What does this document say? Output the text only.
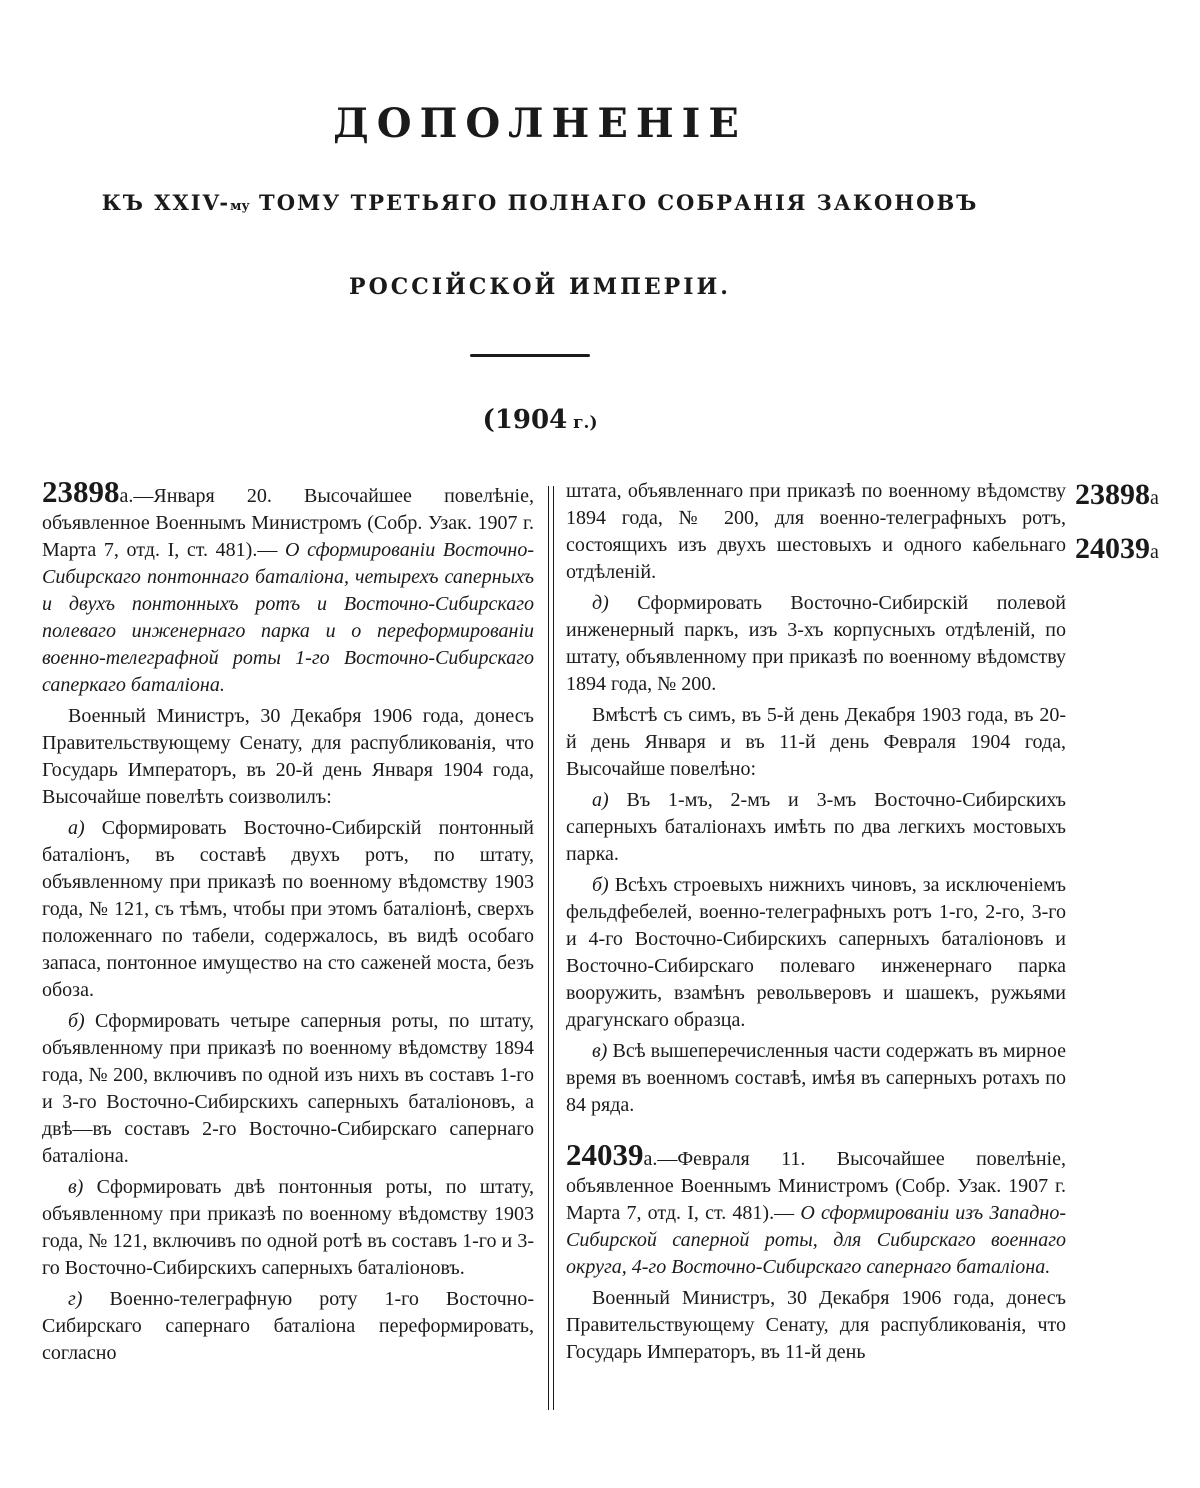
ДОПОЛНЕНІЕ
КЪ XXIV-му ТОМУ ТРЕТЬЯГО ПОЛНАГО СОБРАНІЯ ЗАКОНОВЪ
РОССІЙСКОЙ ИМПЕРІИ.
(1904 г.)
23898а
24039а

23898а.—Января 20. Высочайшее повелѣніе, объявленное Военнымъ Министромъ (Собр. Узак. 1907 г. Марта 7, отд. I, ст. 481).— О сформированіи Восточно-Сибирскаго понтоннаго баталіона, четырехъ саперныхъ и двухъ понтонныхъ ротъ и Восточно-Сибирскаго полеваго инженернаго парка и о переформированіи военно-телеграфной роты 1-го Восточно-Сибирскаго саперкаго баталіона.

Военный Министръ, 30 Декабря 1906 года, донесъ Правительствующему Сенату, для распубликованія, что Государь Императоръ, въ 20-й день Января 1904 года, Высочайше повелѣть соизволилъ:

а) Сформировать Восточно-Сибирскій понтонный баталіонъ, въ составѣ двухъ ротъ, по штату, объявленному при приказѣ по военному вѣдомству 1903 года, № 121, съ тѣмъ, чтобы при этомъ баталіонѣ, сверхъ положеннаго по табели, содержалось, въ видѣ особаго запаса, понтонное имущество на сто саженей моста, безъ обоза.

б) Сформировать четыре саперныя роты, по штату, объявленному при приказѣ по военному вѣдомству 1894 года, № 200, включивъ по одной изъ нихъ въ составъ 1-го и 3-го Восточно-Сибирскихъ саперныхъ баталіоновъ, а двѣ—въ составъ 2-го Восточно-Сибирскаго сапернаго баталіона.

в) Сформировать двѣ понтонныя роты, по штату, объявленному при приказѣ по военному вѣдомству 1903 года, № 121, включивъ по одной ротѣ въ составъ 1-го и 3-го Восточно-Сибирскихъ саперныхъ баталіоновъ.

г) Военно-телеграфную роту 1-го Восточно-Сибирскаго сапернаго баталіона переформировать, согласно

штата, объявленнаго при приказѣ по военному вѣдомству 1894 года, № 200, для военно-телеграфныхъ ротъ, состоящихъ изъ двухъ шестовыхъ и одного кабельнаго отдѣленій.

д) Сформировать Восточно-Сибирскій полевой инженерный паркъ, изъ 3-хъ корпусныхъ отдѣленій, по штату, объявленному при приказѣ по военному вѣдомству 1894 года, № 200.

Вмѣстѣ съ симъ, въ 5-й день Декабря 1903 года, въ 20-й день Января и въ 11-й день Февраля 1904 года, Высочайше повелѣно:

а) Въ 1-мъ, 2-мъ и 3-мъ Восточно-Сибирскихъ саперныхъ баталіонахъ имѣть по два легкихъ мостовыхъ парка.

б) Всѣхъ строевыхъ нижнихъ чиновъ, за исключеніемъ фельдфебелей, военно-телеграфныхъ ротъ 1-го, 2-го, 3-го и 4-го Восточно-Сибирскихъ саперныхъ баталіоновъ и Восточно-Сибирскаго полеваго инженернаго парка вооружить, взамѣнъ револьверовъ и шашекъ, ружьями драгунскаго образца.

в) Всѣ вышеперечисленныя части содержать въ мирное время въ военномъ составѣ, имѣя въ саперныхъ ротахъ по 84 ряда.

24039а.—Февраля 11. Высочайшее повелѣніе, объявленное Военнымъ Министромъ (Собр. Узак. 1907 г. Марта 7, отд. I, ст. 481).— О сформированіи изъ Западно-Сибирской саперной роты, для Сибирскаго военнаго округа, 4-го Восточно-Сибирскаго сапернаго баталіона.

Военный Министръ, 30 Декабря 1906 года, донесъ Правительствующему Сенату, для распубликованія, что Государь Императоръ, въ 11-й день
